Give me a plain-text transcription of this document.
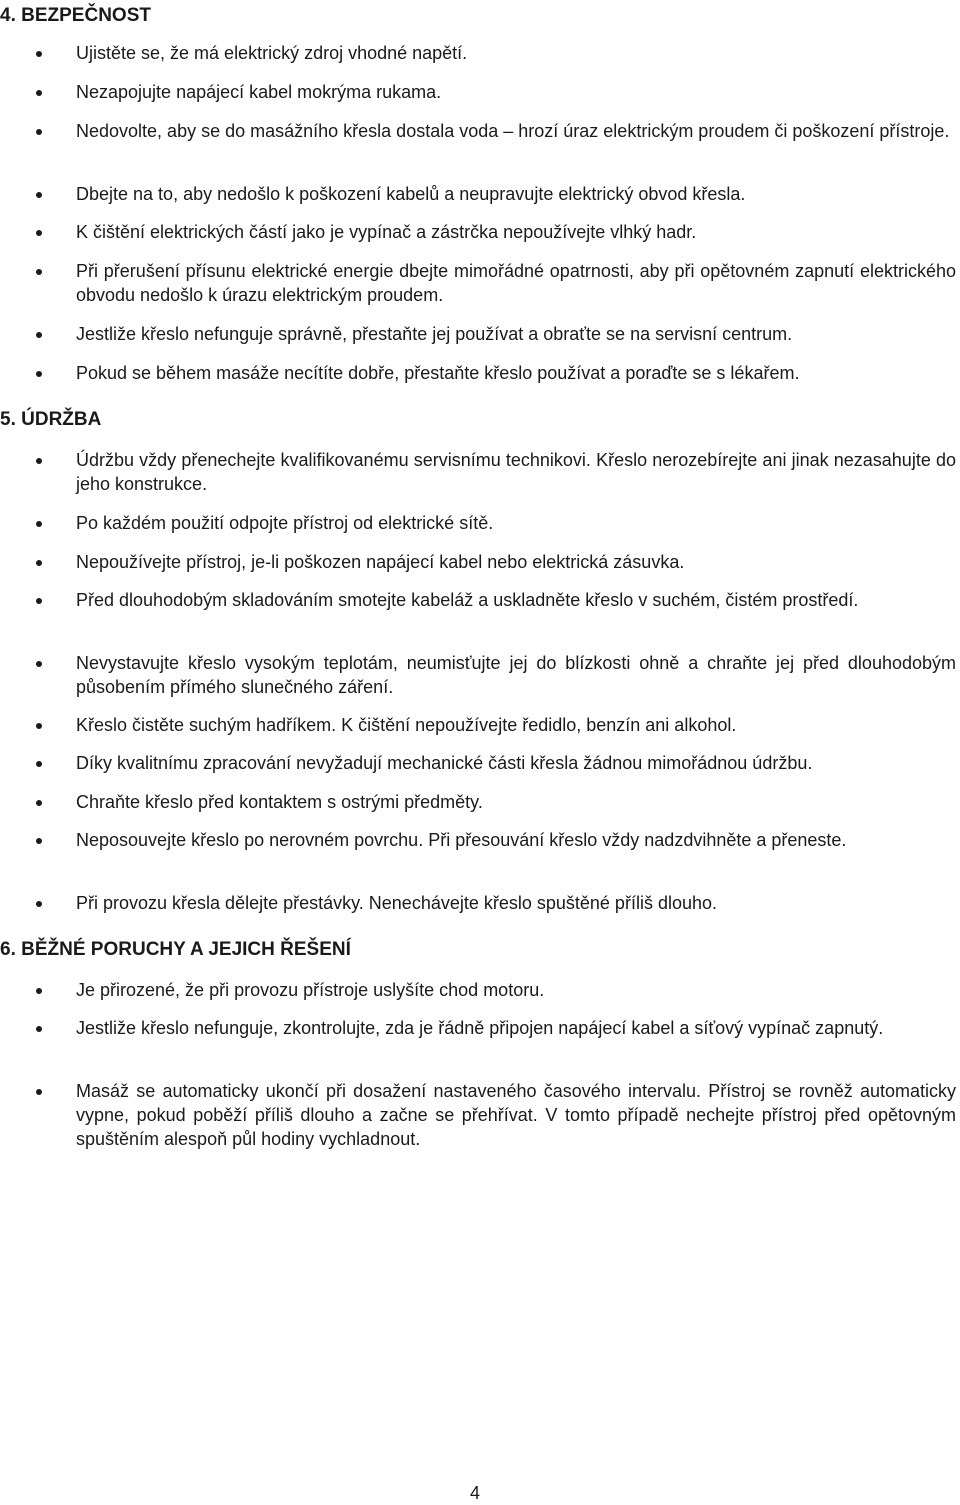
4. BEZPEČNOST
Ujistěte se, že má elektrický zdroj vhodné napětí.
Nezapojujte napájecí kabel mokrýma rukama.
Nedovolte, aby se do masážního křesla dostala voda – hrozí úraz elektrickým proudem či poškození přístroje.
Dbejte na to, aby nedošlo k poškození kabelů a neupravujte elektrický obvod křesla.
K čištění elektrických částí jako je vypínač a zástrčka nepoužívejte vlhký hadr.
Při přerušení přísunu elektrické energie dbejte mimořádné opatrnosti, aby při opětovném zapnutí elektrického obvodu nedošlo k úrazu elektrickým proudem.
Jestliže křeslo nefunguje správně, přestaňte jej používat a obraťte se na servisní centrum.
Pokud se během masáže necítíte dobře, přestaňte křeslo používat a poraďte se s lékařem.
5. ÚDRŽBA
Údržbu vždy přenechejte kvalifikovanému servisnímu technikovi. Křeslo nerozebírejte ani jinak nezasahujte do jeho konstrukce.
Po každém použití odpojte přístroj od elektrické sítě.
Nepoužívejte přístroj, je-li poškozen napájecí kabel nebo elektrická zásuvka.
Před dlouhodobým skladováním smotejte kabeláž a uskladněte křeslo v suchém, čistém prostředí.
Nevystavujte křeslo vysokým teplotám, neumisťujte jej do blízkosti ohně a chraňte jej před dlouhodobým působením přímého slunečného záření.
Křeslo čistěte suchým hadříkem. K čištění nepoužívejte ředidlo, benzín ani alkohol.
Díky kvalitnímu zpracování nevyžadují mechanické části křesla žádnou mimořádnou údržbu.
Chraňte křeslo před kontaktem s ostrými předměty.
Neposouvejte křeslo po nerovném povrchu. Při přesouvání křeslo vždy nadzdvihněte a přeneste.
Při provozu křesla dělejte přestávky. Nenechávejte křeslo spuštěné příliš dlouho.
6. BĚŽNÉ PORUCHY A JEJICH ŘEŠENÍ
Je přirozené, že při provozu přístroje uslyšíte chod motoru.
Jestliže křeslo nefunguje, zkontrolujte, zda je řádně připojen napájecí kabel a síťový vypínač zapnutý.
Masáž se automaticky ukončí při dosažení nastaveného časového intervalu. Přístroj se rovněž automaticky vypne, pokud poběží příliš dlouho a začne se přehřívat. V tomto případě nechejte přístroj před opětovným spuštěním alespoň půl hodiny vychladnout.
4
